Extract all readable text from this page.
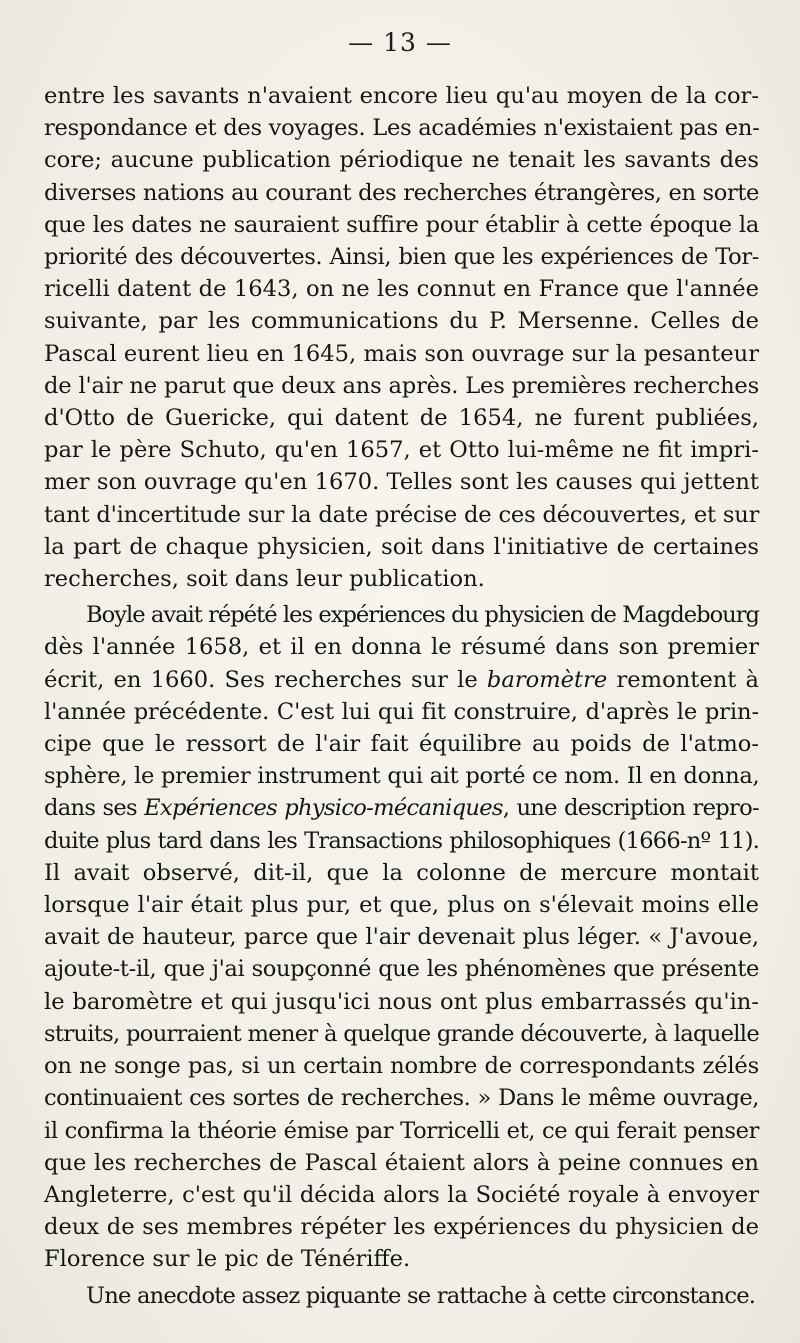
— 13 —
entre les savants n'avaient encore lieu qu'au moyen de la cor-
respondance et des voyages. Les académies n'existaient pas en-
core; aucune publication périodique ne tenait les savants des
diverses nations au courant des recherches étrangères, en sorte
que les dates ne sauraient suffire pour établir à cette époque la
priorité des découvertes. Ainsi, bien que les expériences de Tor-
ricelli datent de 1643, on ne les connut en France que l'année
suivante, par les communications du P. Mersenne. Celles de
Pascal eurent lieu en 1645, mais son ouvrage sur la pesanteur
de l'air ne parut que deux ans après. Les premières recherches
d'Otto de Guericke, qui datent de 1654, ne furent publiées,
par le père Schuto, qu'en 1657, et Otto lui-même ne fit impri-
mer son ouvrage qu'en 1670. Telles sont les causes qui jettent
tant d'incertitude sur la date précise de ces découvertes, et sur
la part de chaque physicien, soit dans l'initiative de certaines
recherches, soit dans leur publication.
Boyle avait répété les expériences du physicien de Magdebourg
dès l'année 1658, et il en donna le résumé dans son premier
écrit, en 1660. Ses recherches sur le baromètre remontent à
l'année précédente. C'est lui qui fit construire, d'après le prin-
cipe que le ressort de l'air fait équilibre au poids de l'atmo-
sphère, le premier instrument qui ait porté ce nom. Il en donna,
dans ses Expériences physico-mécaniques, une description repro-
duite plus tard dans les Transactions philosophiques (1666-nº 11).
Il avait observé, dit-il, que la colonne de mercure montait
lorsque l'air était plus pur, et que, plus on s'élevait moins elle
avait de hauteur, parce que l'air devenait plus léger. « J'avoue,
ajoute-t-il, que j'ai soupçonné que les phénomènes que présente
le baromètre et qui jusqu'ici nous ont plus embarrassés qu'in-
struits, pourraient mener à quelque grande découverte, à laquelle
on ne songe pas, si un certain nombre de correspondants zélés
continuaient ces sortes de recherches. » Dans le même ouvrage,
il confirma la théorie émise par Torricelli et, ce qui ferait penser
que les recherches de Pascal étaient alors à peine connues en
Angleterre, c'est qu'il décida alors la Société royale à envoyer
deux de ses membres répéter les expériences du physicien de
Florence sur le pic de Ténériffe.
Une anecdote assez piquante se rattache à cette circonstance.
